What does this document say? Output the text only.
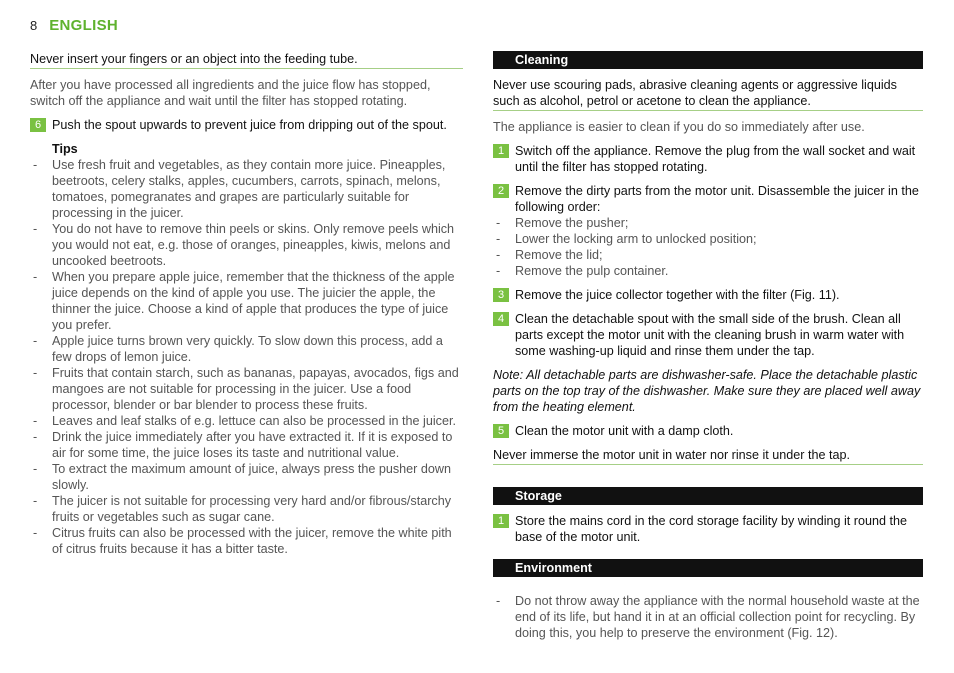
8 ENGLISH

Never insert your fingers or an object into the feeding tube.

After you have processed all ingredients and the juice flow has stopped, switch off the appliance and wait until the filter has stopped rotating.

6 Push the spout upwards to prevent juice from dripping out of the spout.
Tips
- Use fresh fruit and vegetables, as they contain more juice. Pineapples, beetroots, celery stalks, apples, cucumbers, carrots, spinach, melons, tomatoes, pomegranates and grapes are particularly suitable for processing in the juicer.
- You do not have to remove thin peels or skins. Only remove peels which you would not eat, e.g. those of oranges, pineapples, kiwis, melons and uncooked beetroots.
- When you prepare apple juice, remember that the thickness of the apple juice depends on the kind of apple you use. The juicier the apple, the thinner the juice. Choose a kind of apple that produces the type of juice you prefer.
- Apple juice turns brown very quickly. To slow down this process, add a few drops of lemon juice.
- Fruits that contain starch, such as bananas, papayas, avocados, figs and mangoes are not suitable for processing in the juicer. Use a food processor, blender or bar blender to process these fruits.
- Leaves and leaf stalks of e.g. lettuce can also be processed in the juicer.
- Drink the juice immediately after you have extracted it. If it is exposed to air for some time, the juice loses its taste and nutritional value.
- To extract the maximum amount of juice, always press the pusher down slowly.
- The juicer is not suitable for processing very hard and/or fibrous/starchy fruits or vegetables such as sugar cane.
- Citrus fruits can also be processed with the juicer, remove the white pith of citrus fruits because it has a bitter taste.
Cleaning

Never use scouring pads, abrasive cleaning agents or aggressive liquids such as alcohol, petrol or acetone to clean the appliance.

The appliance is easier to clean if you do so immediately after use.

1 Switch off the appliance. Remove the plug from the wall socket and wait until the filter has stopped rotating.
2 Remove the dirty parts from the motor unit. Disassemble the juicer in the following order:
- Remove the pusher;
- Lower the locking arm to unlocked position;
- Remove the lid;
- Remove the pulp container.
3 Remove the juice collector together with the filter (Fig. 11).
4 Clean the detachable spout with the small side of the brush. Clean all parts except the motor unit with the cleaning brush in warm water with some washing-up liquid and rinse them under the tap.

Note: All detachable parts are dishwasher-safe. Place the detachable plastic parts on the top tray of the dishwasher. Make sure they are placed well away from the heating element.

5 Clean the motor unit with a damp cloth.

Never immerse the motor unit in water nor rinse it under the tap.

Storage
1 Store the mains cord in the cord storage facility by winding it round the base of the motor unit.
Environment
- Do not throw away the appliance with the normal household waste at the end of its life, but hand it in at an official collection point for recycling. By doing this, you help to preserve the environment (Fig. 12).
